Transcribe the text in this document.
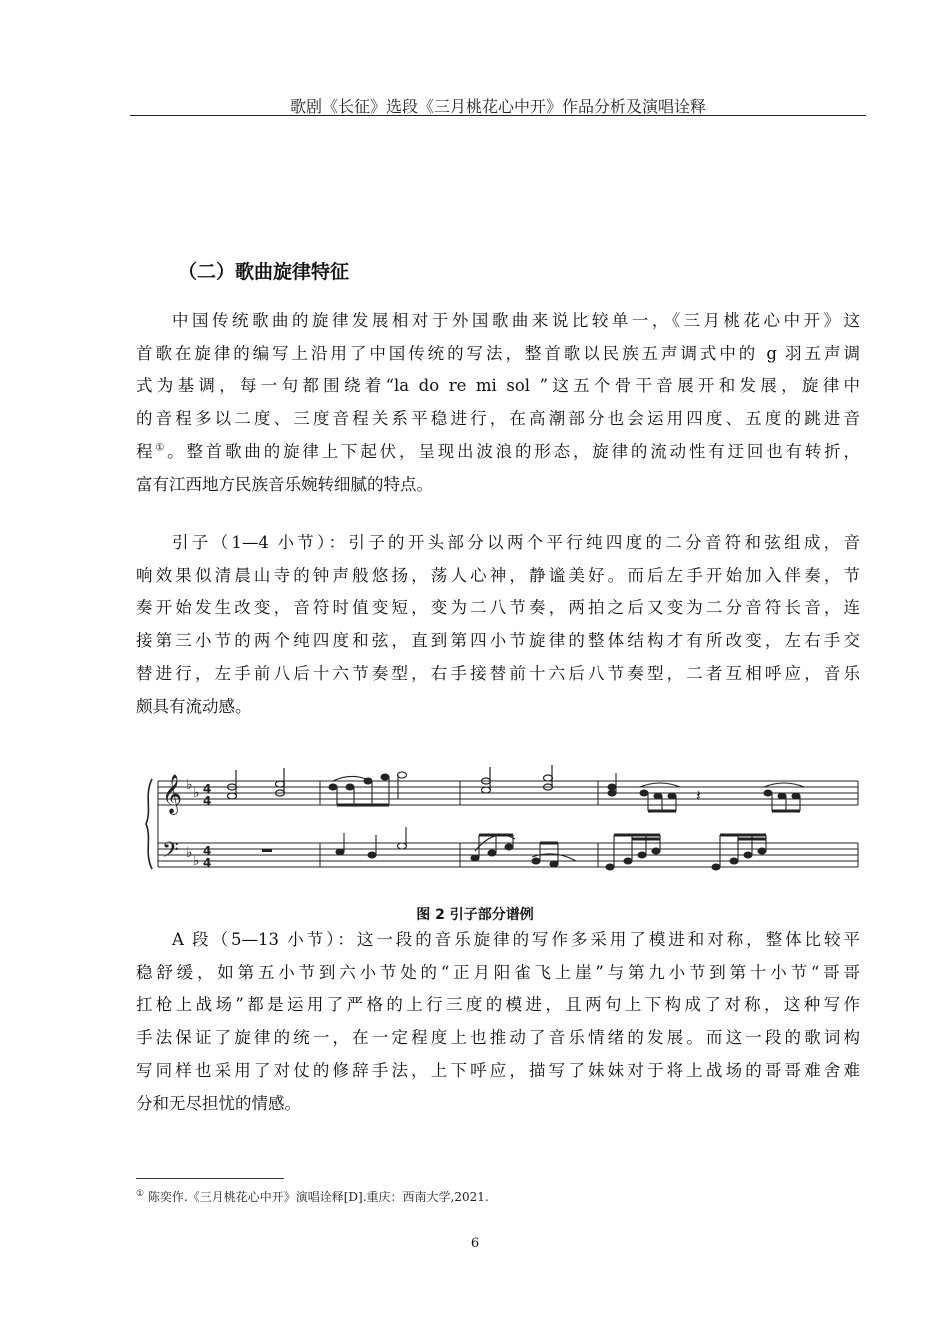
歌剧《长征》选段《三月桃花心中开》作品分析及演唱诠释
（二）歌曲旋律特征
中国传统歌曲的旋律发展相对于外国歌曲来说比较单一，《三月桃花心中开》这
首歌在旋律的编写上沿用了中国传统的写法，整首歌以民族五声调式中的 g 羽五声调
式为基调，每一句都围绕着“la do re mi sol ”这五个骨干音展开和发展，旋律中
的音程多以二度、三度音程关系平稳进行，在高潮部分也会运用四度、五度的跳进音
程①。整首歌曲的旋律上下起伏，呈现出波浪的形态，旋律的流动性有迂回也有转折，
富有江西地方民族音乐婉转细腻的特点。
引子（1—4 小节）：引子的开头部分以两个平行纯四度的二分音符和弦组成，音
响效果似清晨山寺的钟声般悠扬，荡人心神，静谧美好。而后左手开始加入伴奏，节
奏开始发生改变，音符时值变短，变为二八节奏，两拍之后又变为二分音符长音，连
接第三小节的两个纯四度和弦，直到第四小节旋律的整体结构才有所改变，左右手交
替进行，左手前八后十六节奏型，右手接替前十六后八节奏型，二者互相呼应，音乐
颇具有流动感。
𝄞
𝄢
♭ ♭
♭ ♭
4
4
4
4
𝄽
图 2 引子部分谱例
A 段（5—13 小节）：这一段的音乐旋律的写作多采用了模进和对称，整体比较平
稳舒缓，如第五小节到六小节处的“正月阳雀飞上崖”与第九小节到第十小节“哥哥
扛枪上战场”都是运用了严格的上行三度的模进，且两句上下构成了对称，这种写作
手法保证了旋律的统一，在一定程度上也推动了音乐情绪的发展。而这一段的歌词构
写同样也采用了对仗的修辞手法，上下呼应，描写了妹妹对于将上战场的哥哥难舍难
分和无尽担忧的情感。
① 陈奕作.《三月桃花心中开》演唱诠释[D].重庆：西南大学,2021.
6
